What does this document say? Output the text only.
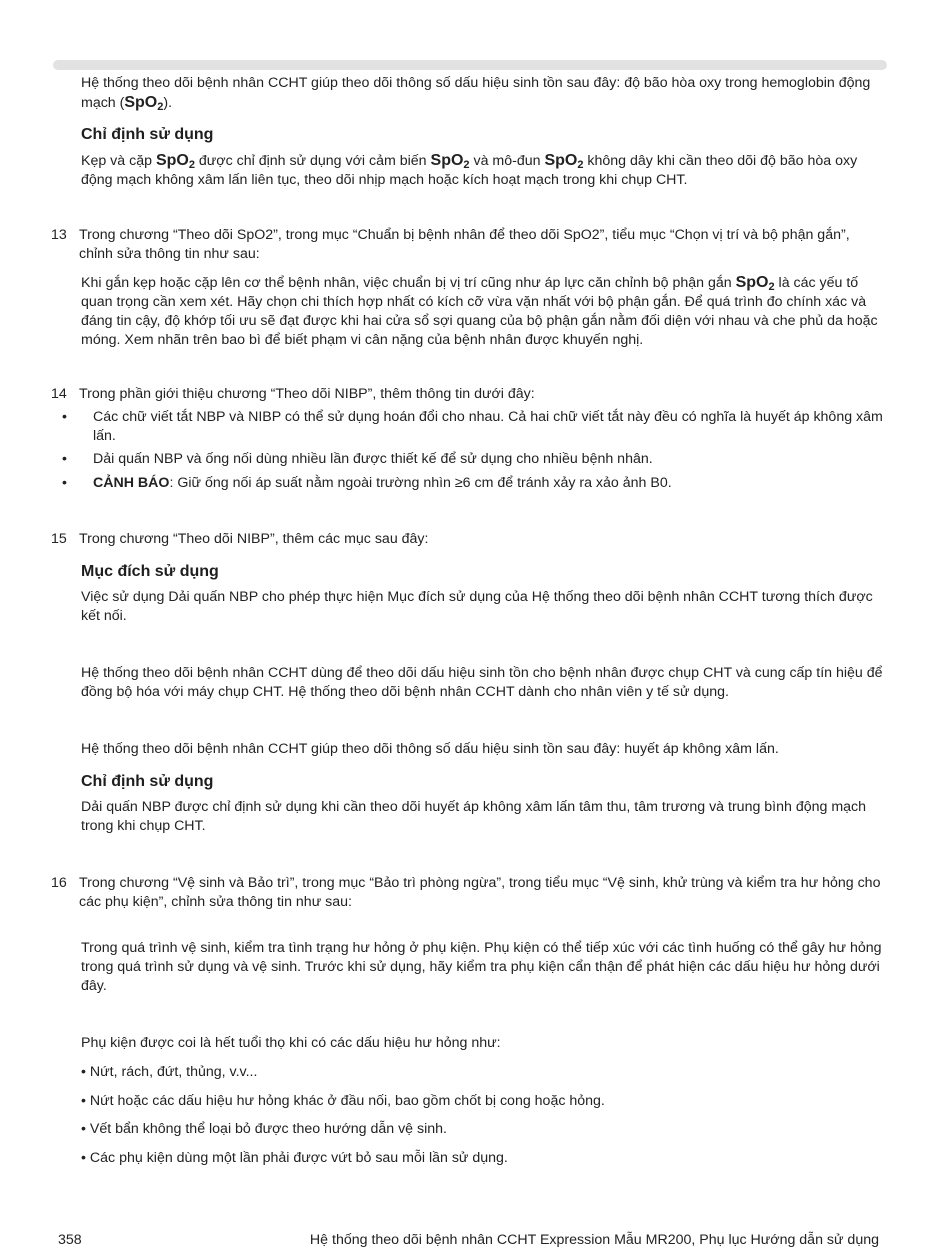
Hệ thống theo dõi bệnh nhân CCHT giúp theo dõi thông số dấu hiệu sinh tồn sau đây: độ bão hòa oxy trong hemoglobin động mạch (SpO$_2$).

Chỉ định sử dụng

Kẹp và cặp SpO$_2$ được chỉ định sử dụng với cảm biến SpO$_2$ và mô-đun SpO$_2$ không dây khi cần theo dõi độ bão hòa oxy động mạch không xâm lấn liên tục, theo dõi nhịp mạch hoặc kích hoạt mạch trong khi chụp CHT.

13 Trong chương “Theo dõi SpO2”, trong mục “Chuẩn bị bệnh nhân để theo dõi SpO2”, tiểu mục “Chọn vị trí và bộ phận gắn”, chỉnh sửa thông tin như sau:

Khi gắn kẹp hoặc cặp lên cơ thể bệnh nhân, việc chuẩn bị vị trí cũng như áp lực căn chỉnh bộ phận gắn SpO$_2$ là các yếu tố quan trọng cần xem xét. Hãy chọn chi thích hợp nhất có kích cỡ vừa vặn nhất với bộ phận gắn. Để quá trình đo chính xác và đáng tin cậy, độ khớp tối ưu sẽ đạt được khi hai cửa sổ sợi quang của bộ phận gắn nằm đối diện với nhau và che phủ da hoặc móng. Xem nhãn trên bao bì để biết phạm vi cân nặng của bệnh nhân được khuyến nghị.

14 Trong phần giới thiệu chương “Theo dõi NIBP”, thêm thông tin dưới đây:

• Các chữ viết tắt NBP và NIBP có thể sử dụng hoán đổi cho nhau. Cả hai chữ viết tắt này đều có nghĩa là huyết áp không xâm lấn.

• Dải quấn NBP và ống nối dùng nhiều lần được thiết kế để sử dụng cho nhiều bệnh nhân.

• CẢNH BÁO: Giữ ống nối áp suất nằm ngoài trường nhìn ≥6 cm để tránh xảy ra xảo ảnh B0.

15 Trong chương “Theo dõi NIBP”, thêm các mục sau đây:

Mục đích sử dụng

Việc sử dụng Dải quấn NBP cho phép thực hiện Mục đích sử dụng của Hệ thống theo dõi bệnh nhân CCHT tương thích được kết nối.

Hệ thống theo dõi bệnh nhân CCHT dùng để theo dõi dấu hiệu sinh tồn cho bệnh nhân được chụp CHT và cung cấp tín hiệu để đồng bộ hóa với máy chụp CHT. Hệ thống theo dõi bệnh nhân CCHT dành cho nhân viên y tế sử dụng.

Hệ thống theo dõi bệnh nhân CCHT giúp theo dõi thông số dấu hiệu sinh tồn sau đây: huyết áp không xâm lấn.

Chỉ định sử dụng

Dải quấn NBP được chỉ định sử dụng khi cần theo dõi huyết áp không xâm lấn tâm thu, tâm trương và trung bình động mạch trong khi chụp CHT.

16 Trong chương “Vệ sinh và Bảo trì”, trong mục “Bảo trì phòng ngừa”, trong tiểu mục “Vệ sinh, khử trùng và kiểm tra hư hỏng cho các phụ kiện”, chỉnh sửa thông tin như sau:

Trong quá trình vệ sinh, kiểm tra tình trạng hư hỏng ở phụ kiện. Phụ kiện có thể tiếp xúc với các tình huống có thể gây hư hỏng trong quá trình sử dụng và vệ sinh. Trước khi sử dụng, hãy kiểm tra phụ kiện cẩn thận để phát hiện các dấu hiệu hư hỏng dưới đây.

Phụ kiện được coi là hết tuổi thọ khi có các dấu hiệu hư hỏng như:

• Nứt, rách, đứt, thủng, v.v...

• Nứt hoặc các dấu hiệu hư hỏng khác ở đầu nối, bao gồm chốt bị cong hoặc hỏng.

• Vết bẩn không thể loại bỏ được theo hướng dẫn vệ sinh.

• Các phụ kiện dùng một lần phải được vứt bỏ sau mỗi lần sử dụng.

358	Hệ thống theo dõi bệnh nhân CCHT Expression Mẫu MR200, Phụ lục Hướng dẫn sử dụng
